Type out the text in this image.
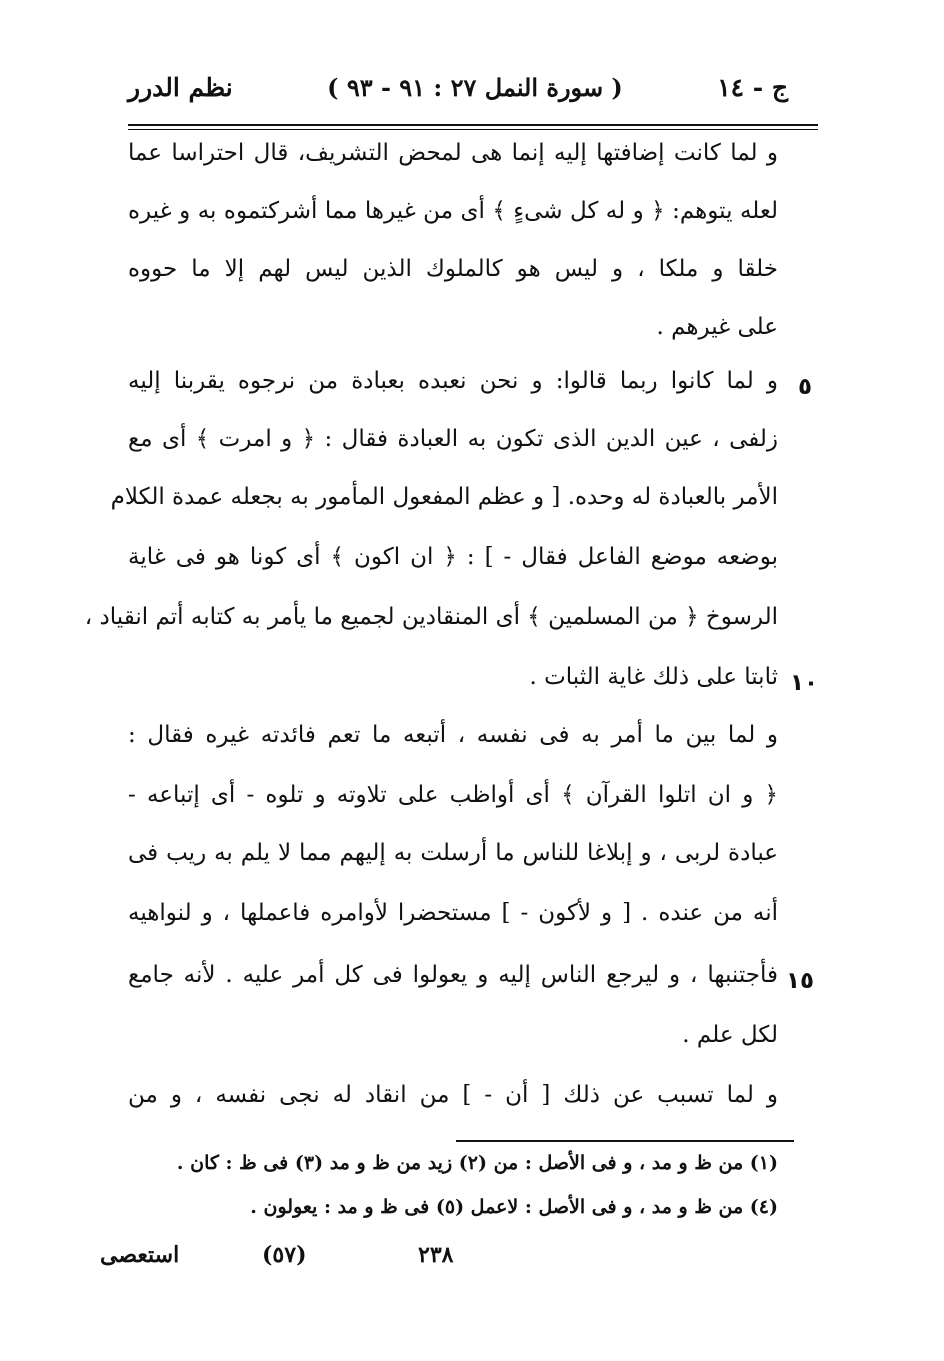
نظم الدرر	( سورة النمل ٢٧ : ٩١ - ٩٣ )	ج - ١٤
و لما كانت إضافتها إليه إنما هى لمحض التشريف، قال احتراسا عما
لعله يتوهم: ﴿ و له كل شیءٍ ﴾ أی من غیرها مما أشركتموه به و غيره
خلقا و ملكا ، و ليس هو كالملوك الذين ليس لهم إلا ما حووه
على غيرهم .
و لما كانوا ربما قالوا: و نحن نعبده بعبادة من نرجوه يقربنا إليه
زلفى ، عين الدين الذى تكون به العبادة فقال : ﴿ و امرت ﴾ أى مع
الأمر بالعبادة له وحده. [ و عظم المفعول المأمور به بجعله عمدة الكلام
بوضعه موضع الفاعل فقال - ] : ﴿ ان اكون ﴾ أى كونا هو فى غاية
الرسوخ ﴿ من المسلمين ﴾ أى المنقادين لجميع ما يأمر به كتابه أتم انقياد ،
ثابتا على ذلك غاية الثبات .
و لما بين ما أمر به فى نفسه ، أتبعه ما تعم فائدته غيره فقال :
﴿ و ان اتلوا القرآن ﴾ أى أواظب على تلاوته و تلوه - أى إتباعه -
عبادة لربى ، و إبلاغا للناس ما أرسلت به إليهم مما لا يلم به ريب فى
أنه من عنده . [ و لأكون - ] مستحضرا لأوامره فاعملها ، و لنواهيه
فأجتنبها ، و ليرجع الناس إليه و يعولوا فى كل أمر عليه . لأنه جامع
لكل علم .
و لما تسبب عن ذلك [ أن - ] من انقاد له نجى نفسه ، و من
٥
١٠
١٥
(١) من ظ و مد ، و فى الأصل : من (٢) زيد من ظ و مد (٣) فى ظ : كان .
(٤) من ظ و مد ، و فى الأصل : لاعمل (٥) فى ظ و مد : يعولون .
استعصى	(٥٧)	٢٣٨
